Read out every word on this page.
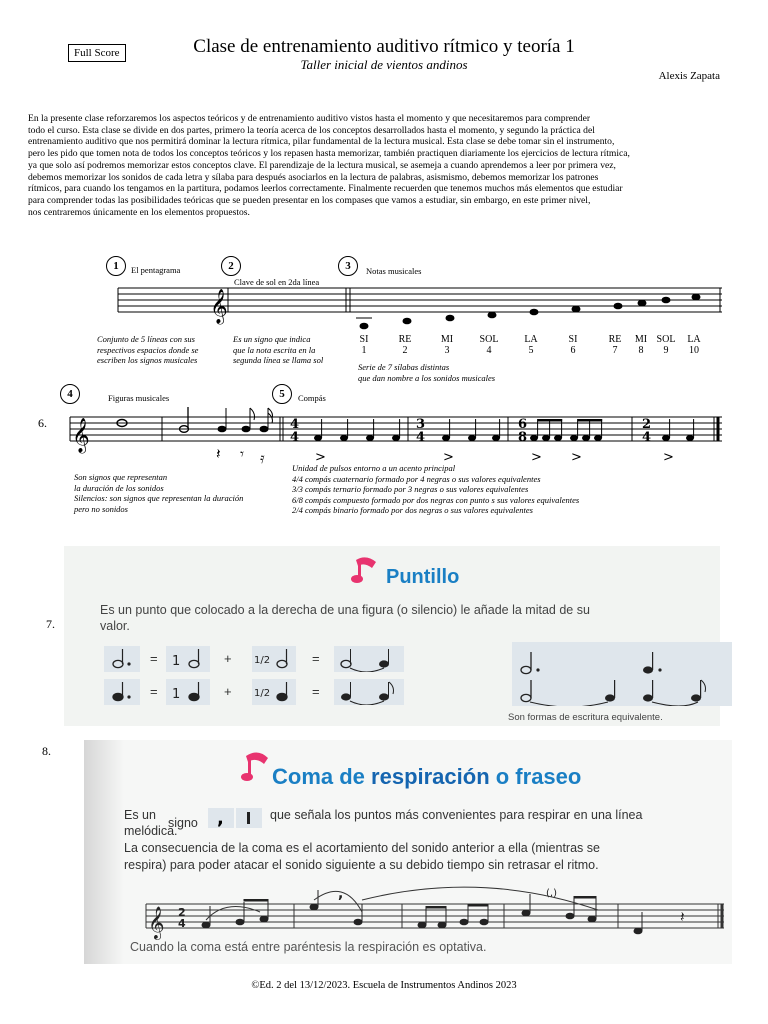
Full Score	Clase de entrenamiento auditivo rítmico y teoría 1
Taller inicial de vientos andinos
Alexis Zapata
En la presente clase reforzaremos los aspectos teóricos y de entrenamiento auditivo vistos hasta el momento y que necesitaremos para comprender
todo el curso. Esta clase se divide en dos partes, primero la teoría acerca de los conceptos desarrollados hasta el momento, y segundo la práctica del
entrenamiento auditivo que nos permitirá dominar la lectura rítmica, pilar fundamental de la lectura musical. Esta clase se debe tomar sin el instrumento,
pero les pido que tomen nota de todos los conceptos teóricos y los repasen hasta memorizar, también practiquen diariamente los ejercicios de lectura rítmica,
ya que solo así podremos memorizar estos conceptos clave. El parendizaje de la lectura musical, se asemeja a cuando aprendemos a leer por primera vez,
debemos memorizar los sonidos de cada letra y sílaba para después asociarlos en la lectura de palabras, asismismo, debemos memorizar los patrones
rítmicos, para cuando los tengamos en la partitura, podamos leerlos correctamente. Finalmente recuerden que tenemos muchos más elementos que estudiar
para comprender todas las posibilidades teóricas que se pueden presentar en los compases que vamos a estudiar, sin embargo, en este primer nivel,
nos centraremos únicamente en los elementos propuestos.
1	El pentagrama	2
Clave de sol en 2da línea
3	Notas musicales
𝄞
Conjunto de 5 líneas con sus
respectivos espacios donde se
escriben los signos musicales
Es un signo que indica
que la nota escrita en la
segunda línea se llama sol
SI
1
RE
2
MI
3
SOL
4
LA
5
SI
6
RE
7
MI
8
SOL
9
LA
10
Serie de 7 sílabas distintas
que dan nombre a los sonidos musicales
4	Figuras musicales	5	Compás
6. 𝄞
𝄽 𝄾 𝄿
4
4
3
4
6
8
2
4
>	>	> >	>
Son signos que representan
la duración de los sonidos
Silencios: son signos que representan la duración
pero no sonidos
Unidad de pulsos entorno a un acento principal
4/4 compás cuaternario formado por 4 negras o sus valores equivalentes
3/3 compás ternario formado por 3 negras o sus valores equivalentes
6/8 compás compuesto formado por dos negras con punto s sus valores equivalentes
2/4 compás binario formado por dos negras o sus valores equivalentes
7.
Puntillo
Es un punto que colocado a la derecha de una figura (o silencio) le añade la mitad de su
valor.
1	1/2
=	+	=
1	1/2
=	+	=
Son formas de escritura equivalente.
8.
Coma de respiración o fraseo
Es un
signo ,	que señala los puntos más convenientes para respirar en una línea
melódica.
La consecuencia de la coma es el acortamiento del sonido anterior a ella (mientras se
respira) para poder atacar el sonido siguiente a su debido tiempo sin retrasar el ritmo.
𝄞 2
4
,	(,)
𝄽
Cuando la coma está entre paréntesis la respiración es optativa.
©Ed. 2 del 13/12/2023. Escuela de Instrumentos Andinos 2023
